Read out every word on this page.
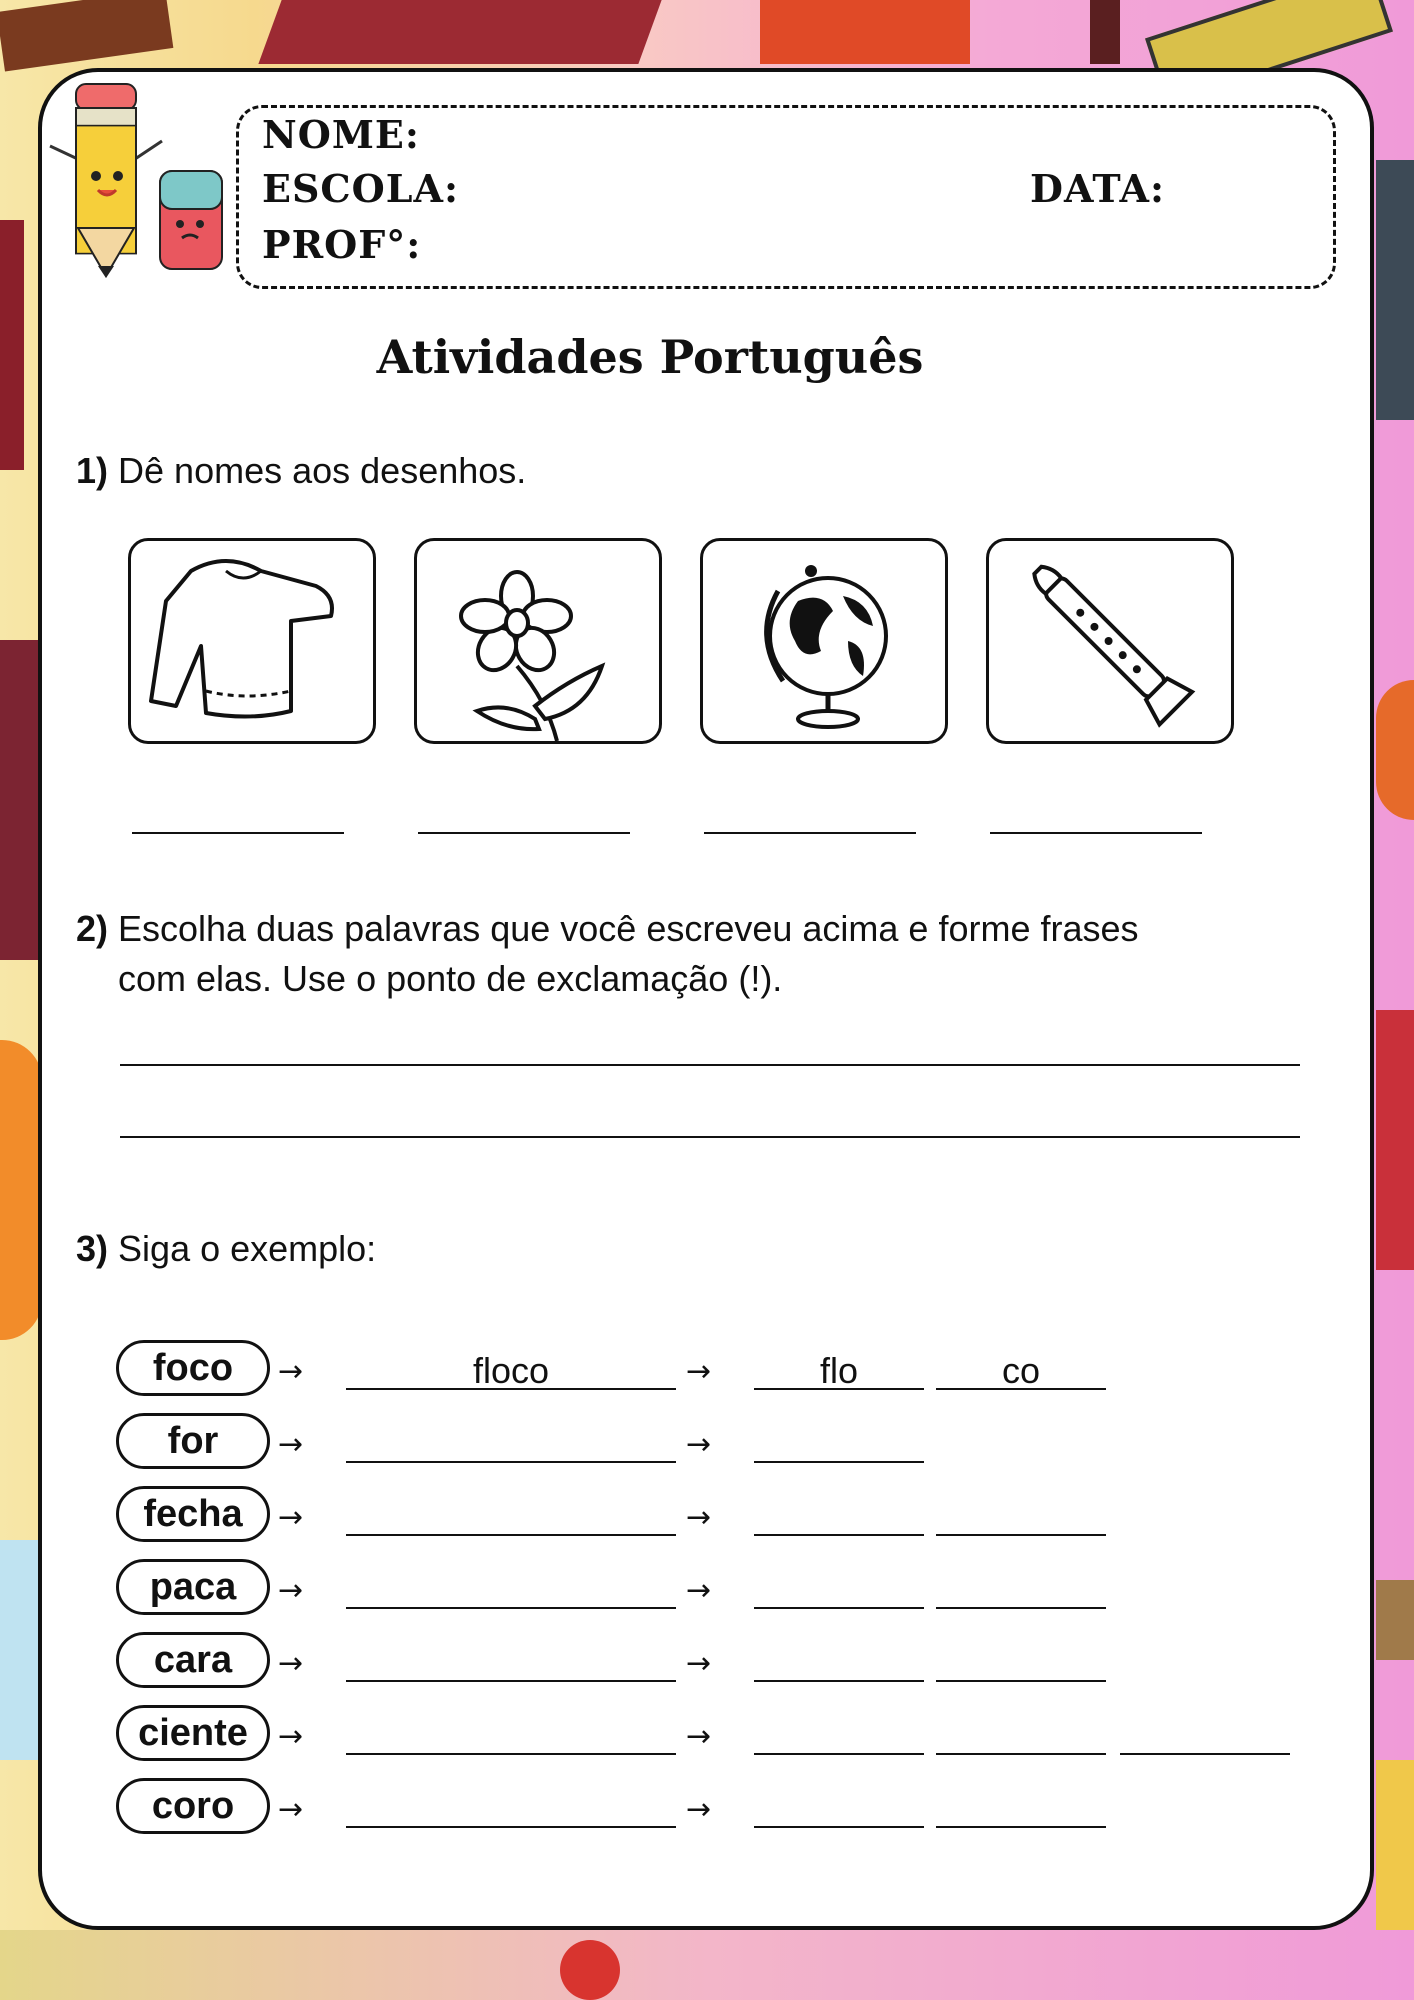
NOME:
ESCOLA:
PROF°:
DATA:
Atividades Português
1) Dê nomes aos desenhos.
2) Escolha duas palavras que você escreveu acima e forme frases
com elas. Use o ponto de exclamação (!).
3) Siga o exemplo:
foco	→	floco	→	flo	co
for	→	→
fecha	→	→
paca	→	→
cara	→	→
ciente	→	→
coro	→	→
